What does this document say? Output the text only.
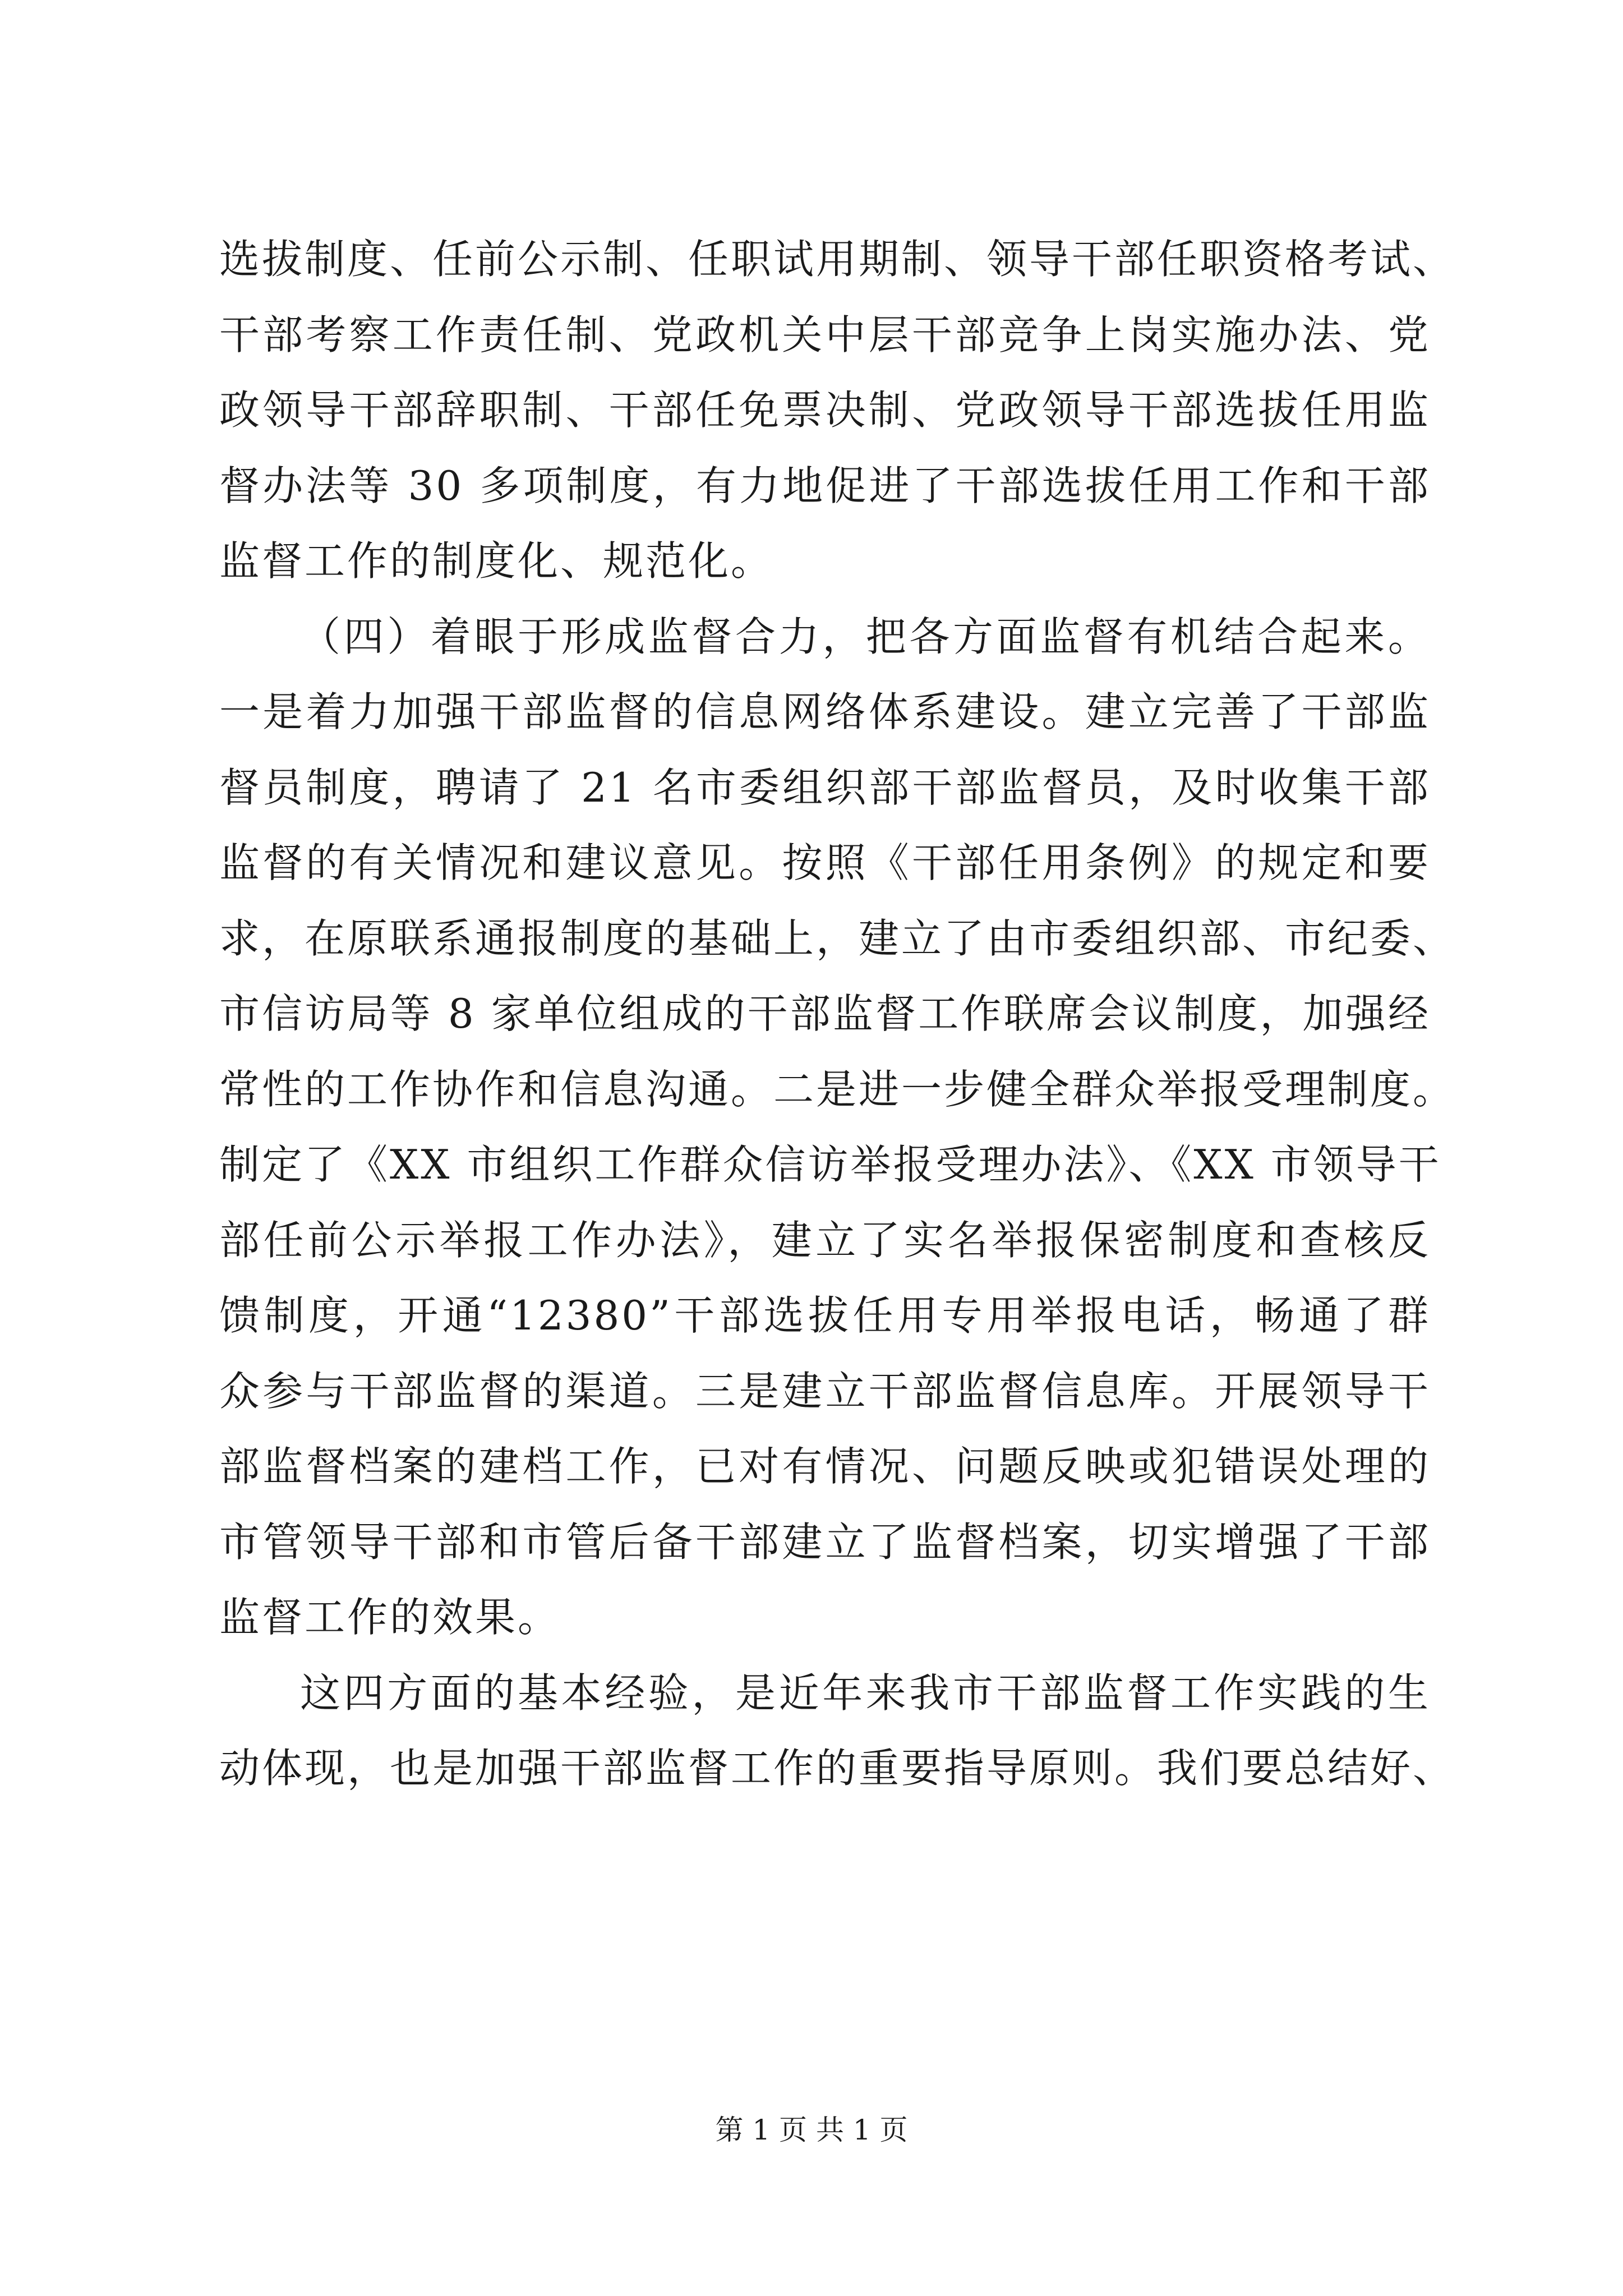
选拔制度、任前公示制、任职试用期制、领导干部任职资格考试、
干部考察工作责任制、党政机关中层干部竞争上岗实施办法、党
政领导干部辞职制、干部任免票决制、党政领导干部选拔任用监
督办法等 30 多项制度，有力地促进了干部选拔任用工作和干部
监督工作的制度化、规范化。
（四）着眼于形成监督合力，把各方面监督有机结合起来。
一是着力加强干部监督的信息网络体系建设。建立完善了干部监
督员制度，聘请了 21 名市委组织部干部监督员，及时收集干部
监督的有关情况和建议意见。按照《干部任用条例》的规定和要
求，在原联系通报制度的基础上，建立了由市委组织部、市纪委、
市信访局等 8 家单位组成的干部监督工作联席会议制度，加强经
常性的工作协作和信息沟通。二是进一步健全群众举报受理制度。
制定了《XX 市组织工作群众信访举报受理办法》、《XX 市领导干
部任前公示举报工作办法》，建立了实名举报保密制度和查核反
馈制度，开通“12380”干部选拔任用专用举报电话，畅通了群
众参与干部监督的渠道。三是建立干部监督信息库。开展领导干
部监督档案的建档工作，已对有情况、问题反映或犯错误处理的
市管领导干部和市管后备干部建立了监督档案，切实增强了干部
监督工作的效果。
这四方面的基本经验，是近年来我市干部监督工作实践的生
动体现，也是加强干部监督工作的重要指导原则。我们要总结好、
第 1 页 共 1 页
